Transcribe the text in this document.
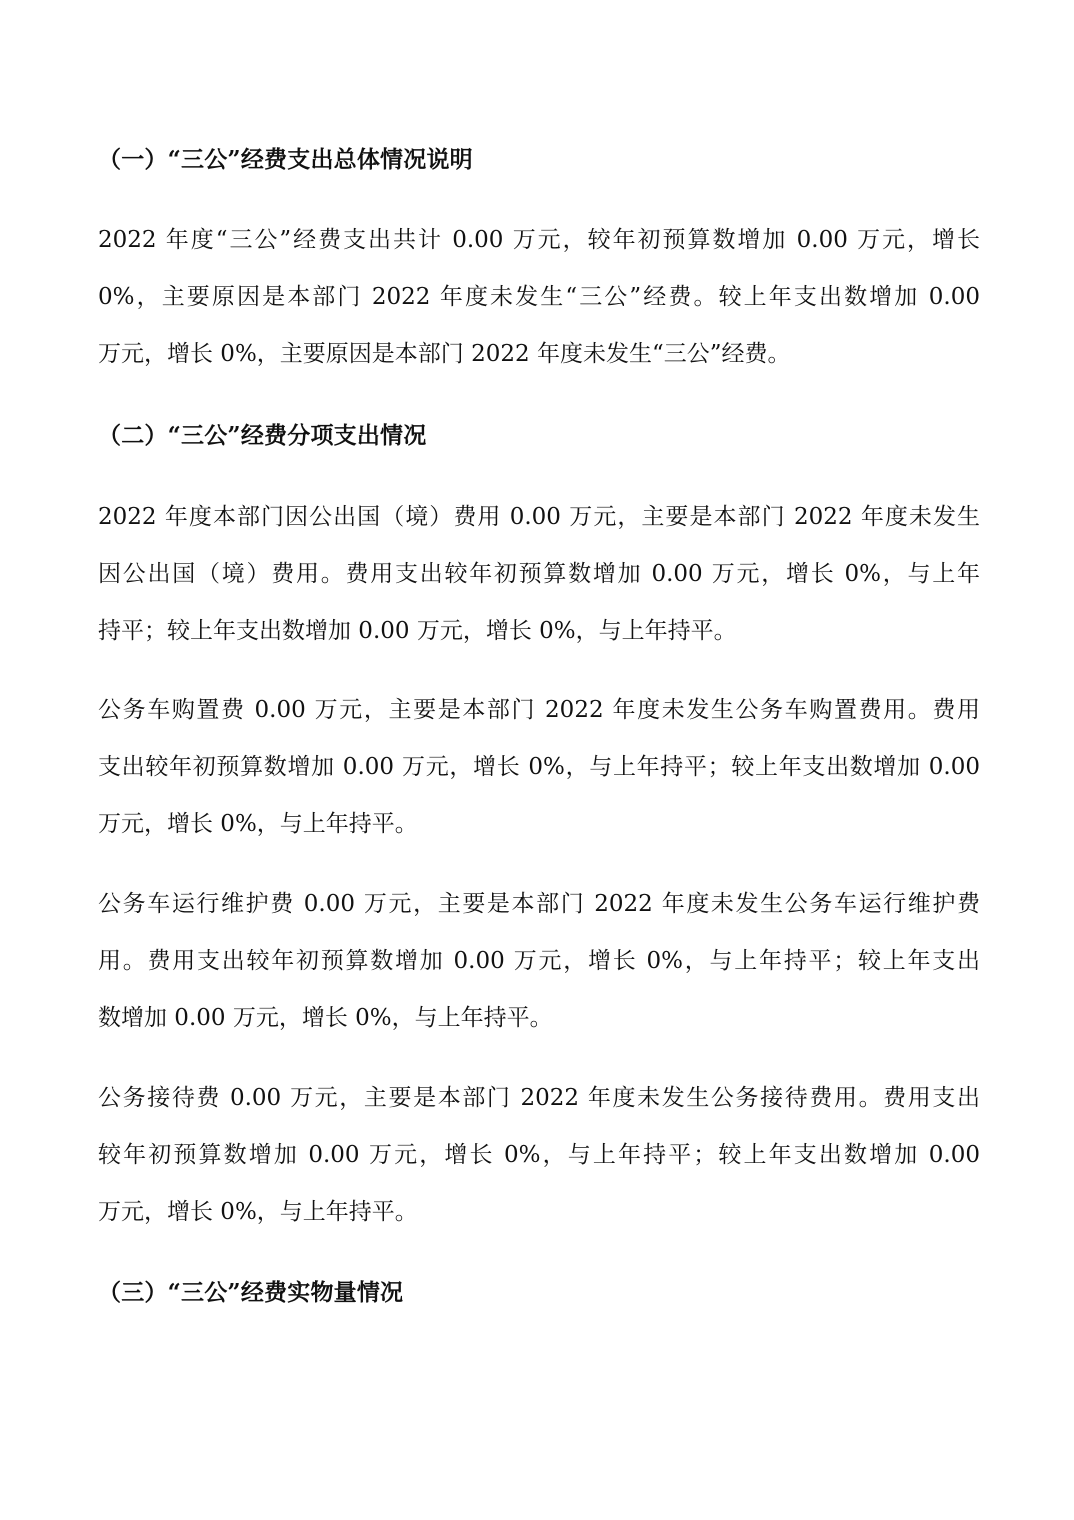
（一）“三公”经费支出总体情况说明
2022 年度“三公”经费支出共计 0.00 万元，较年初预算数增加 0.00 万元，增长
0%，主要原因是本部门 2022 年度未发生“三公”经费。较上年支出数增加 0.00
万元，增长 0%，主要原因是本部门 2022 年度未发生“三公”经费。
（二）“三公”经费分项支出情况
2022 年度本部门因公出国（境）费用 0.00 万元，主要是本部门 2022 年度未发生
因公出国（境）费用。费用支出较年初预算数增加 0.00 万元，增长 0%，与上年
持平；较上年支出数增加 0.00 万元，增长 0%，与上年持平。
公务车购置费 0.00 万元，主要是本部门 2022 年度未发生公务车购置费用。费用
支出较年初预算数增加 0.00 万元，增长 0%，与上年持平；较上年支出数增加 0.00
万元，增长 0%，与上年持平。
公务车运行维护费 0.00 万元，主要是本部门 2022 年度未发生公务车运行维护费
用。费用支出较年初预算数增加 0.00 万元，增长 0%，与上年持平；较上年支出
数增加 0.00 万元，增长 0%，与上年持平。
公务接待费 0.00 万元，主要是本部门 2022 年度未发生公务接待费用。费用支出
较年初预算数增加 0.00 万元，增长 0%，与上年持平；较上年支出数增加 0.00
万元，增长 0%，与上年持平。
（三）“三公”经费实物量情况
